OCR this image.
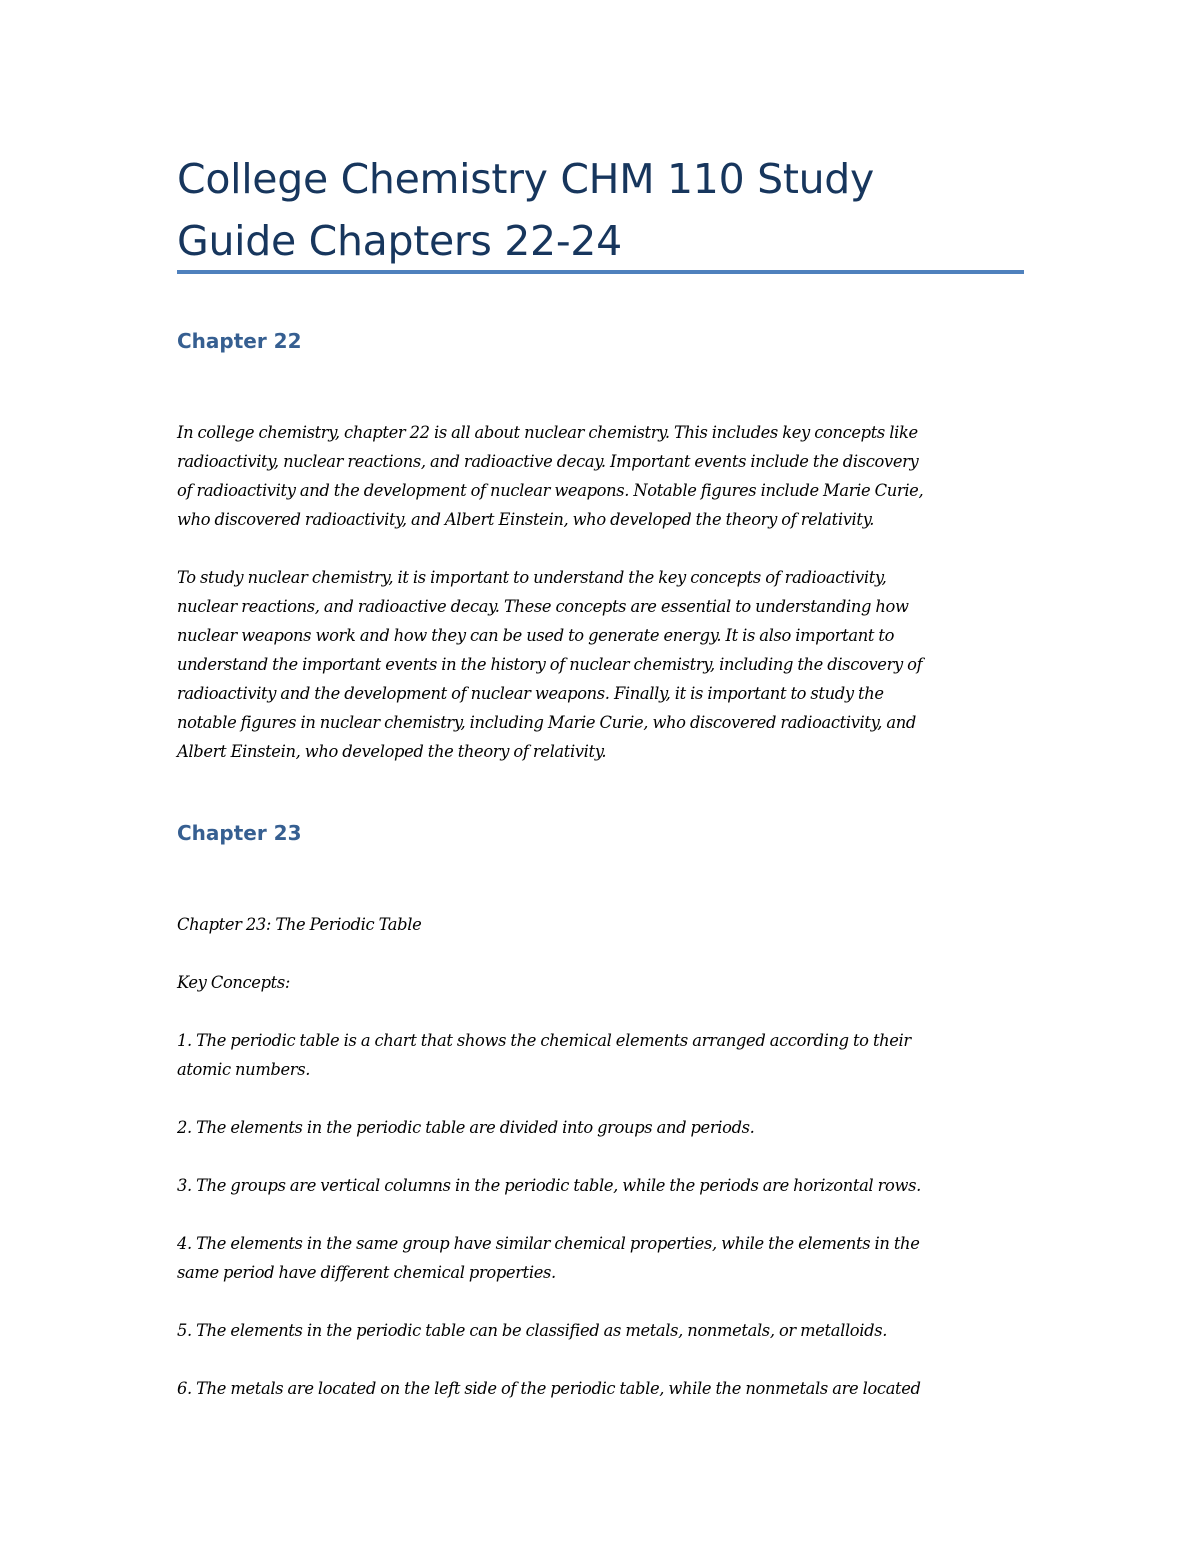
College Chemistry CHM 110 Study
Guide Chapters 22-24
Chapter 22

In college chemistry, chapter 22 is all about nuclear chemistry. This includes key concepts like
radioactivity, nuclear reactions, and radioactive decay. Important events include the discovery
of radioactivity and the development of nuclear weapons. Notable figures include Marie Curie,
who discovered radioactivity, and Albert Einstein, who developed the theory of relativity.

To study nuclear chemistry, it is important to understand the key concepts of radioactivity,
nuclear reactions, and radioactive decay. These concepts are essential to understanding how
nuclear weapons work and how they can be used to generate energy. It is also important to
understand the important events in the history of nuclear chemistry, including the discovery of
radioactivity and the development of nuclear weapons. Finally, it is important to study the
notable figures in nuclear chemistry, including Marie Curie, who discovered radioactivity, and
Albert Einstein, who developed the theory of relativity.

Chapter 23

Chapter 23: The Periodic Table

Key Concepts:

1. The periodic table is a chart that shows the chemical elements arranged according to their
atomic numbers.

2. The elements in the periodic table are divided into groups and periods.

3. The groups are vertical columns in the periodic table, while the periods are horizontal rows.

4. The elements in the same group have similar chemical properties, while the elements in the
same period have different chemical properties.

5. The elements in the periodic table can be classified as metals, nonmetals, or metalloids.

6. The metals are located on the left side of the periodic table, while the nonmetals are located
